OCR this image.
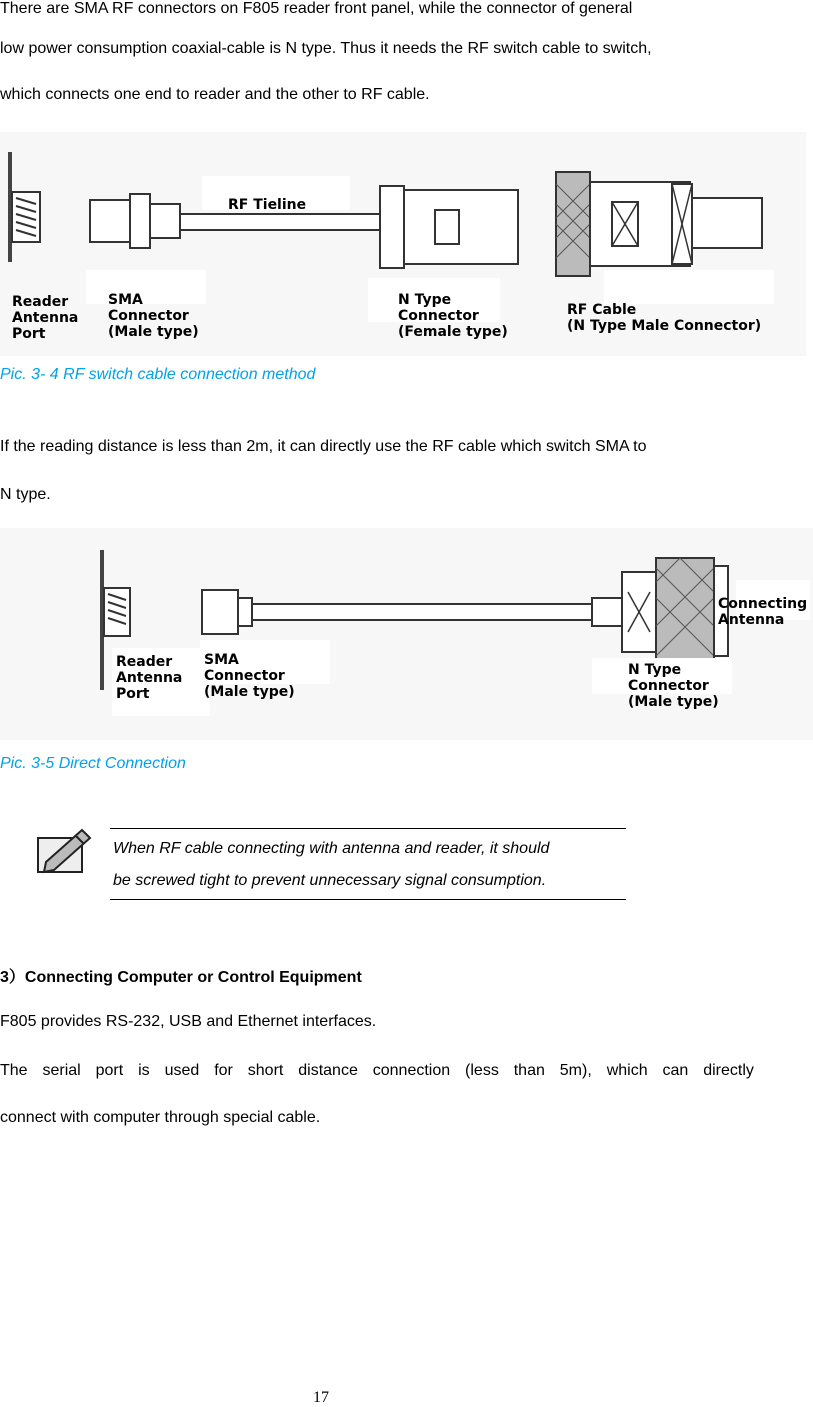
There are SMA RF connectors on F805 reader front panel, while the connector of general
low power consumption coaxial-cable is N type. Thus it needs the RF switch cable to switch,
which connects one end to reader and the other to RF cable.
RF Tieline
Reader
Antenna
Port
SMA
Connector
(Male type)
N Type
Connector
(Female type)
RF Cable
(N Type Male Connector)
Pic. 3- 4 RF switch cable connection method
If the reading distance is less than 2m, it can directly use the RF cable which switch SMA to
N type.
Reader
Antenna
Port
SMA
Connector
(Male type)
Connecting
Antenna
N Type
Connector
(Male type)
Pic. 3-5 Direct Connection
When RF cable connecting with antenna and reader, it should
be screwed tight to prevent unnecessary signal consumption.
3）Connecting Computer or Control Equipment
F805 provides RS-232, USB and Ethernet interfaces.
The serial port is used for short distance connection (less than 5m), which can directly
connect with computer through special cable.
17
